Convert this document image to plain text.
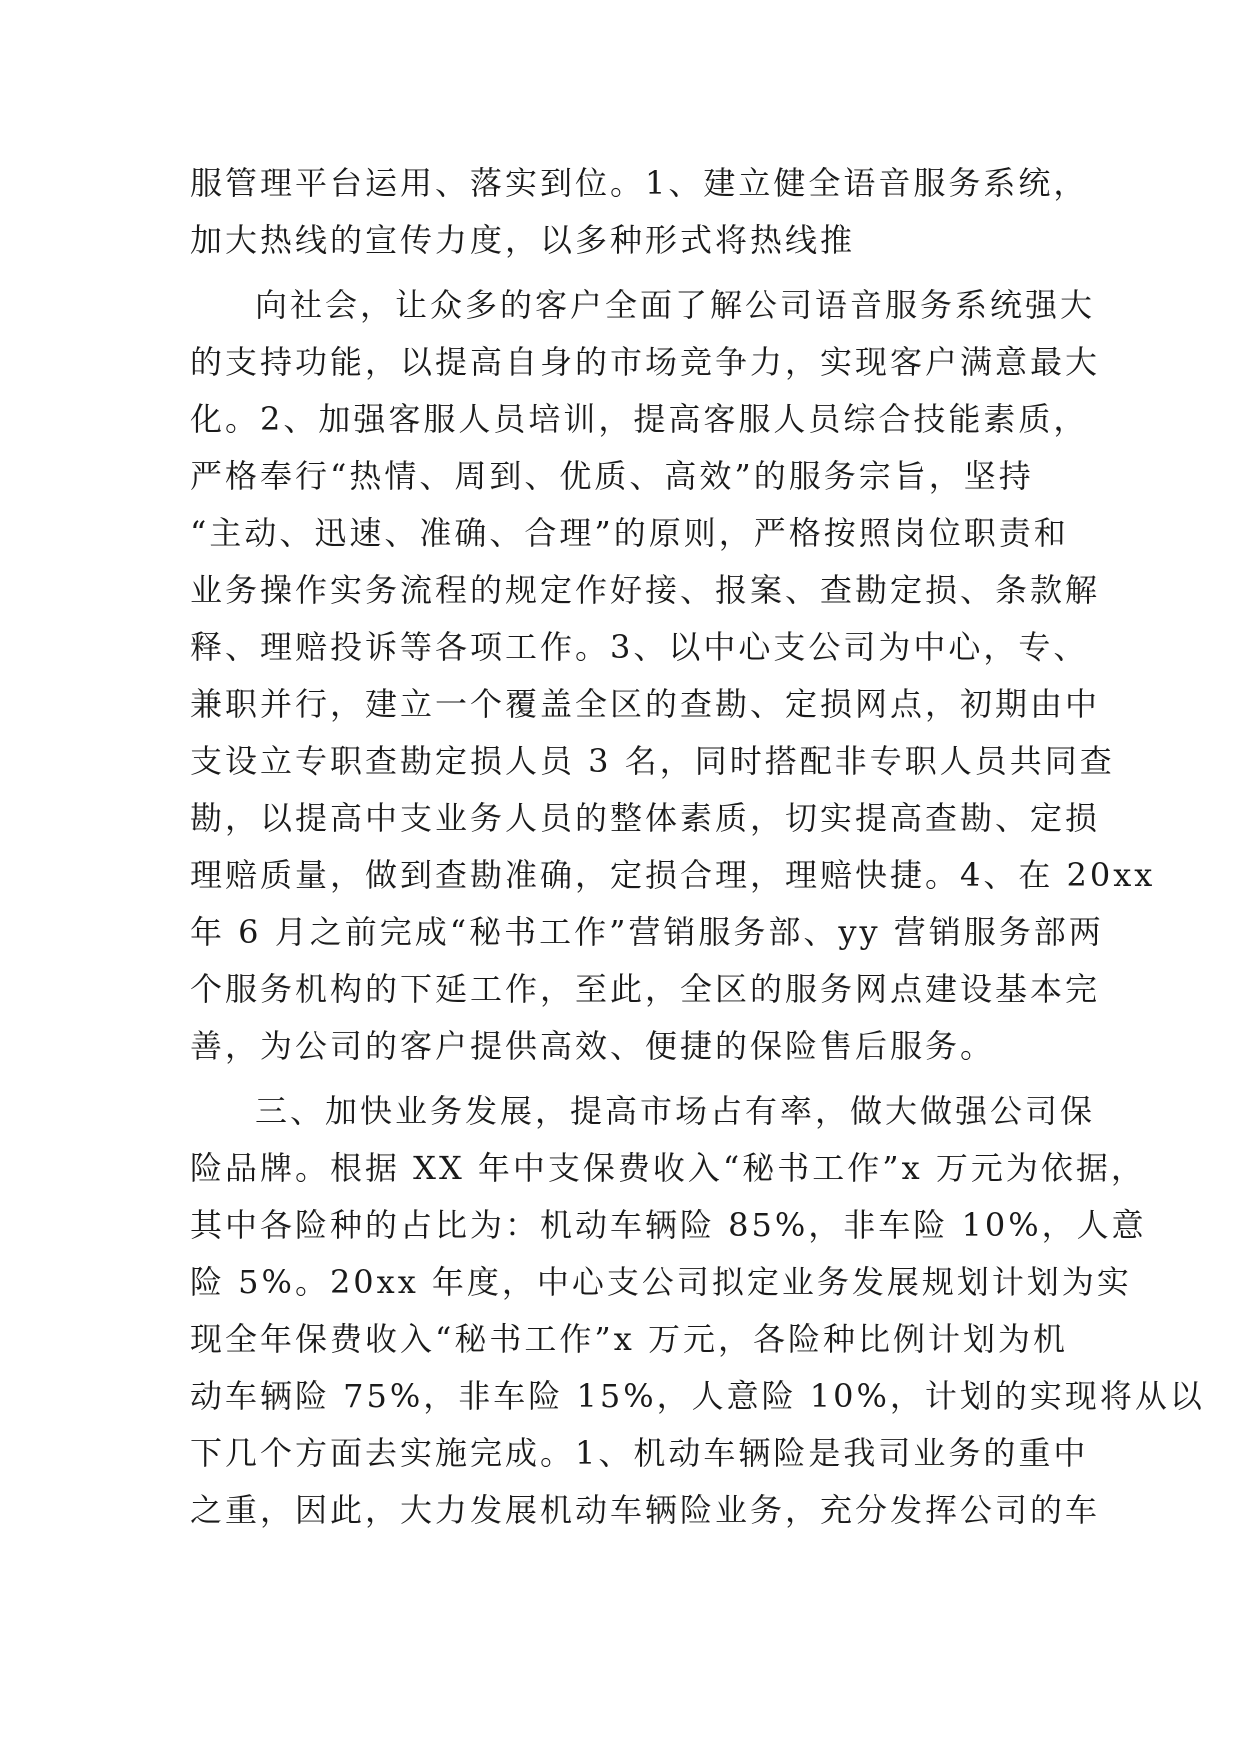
服管理平台运用、落实到位。1、建立健全语音服务系统，
加大热线的宣传力度，以多种形式将热线推
向社会，让众多的客户全面了解公司语音服务系统强大
的支持功能，以提高自身的市场竞争力，实现客户满意最大
化。2、加强客服人员培训，提高客服人员综合技能素质，
严格奉行“热情、周到、优质、高效”的服务宗旨，坚持
“主动、迅速、准确、合理”的原则，严格按照岗位职责和
业务操作实务流程的规定作好接、报案、查勘定损、条款解
释、理赔投诉等各项工作。3、以中心支公司为中心，专、
兼职并行，建立一个覆盖全区的查勘、定损网点，初期由中
支设立专职查勘定损人员 3 名，同时搭配非专职人员共同查
勘，以提高中支业务人员的整体素质，切实提高查勘、定损
理赔质量，做到查勘准确，定损合理，理赔快捷。4、在 20xx
年 6 月之前完成“秘书工作”营销服务部、yy 营销服务部两
个服务机构的下延工作，至此，全区的服务网点建设基本完
善，为公司的客户提供高效、便捷的保险售后服务。
三、加快业务发展，提高市场占有率，做大做强公司保
险品牌。根据 XX 年中支保费收入“秘书工作”x 万元为依据，
其中各险种的占比为：机动车辆险 85%，非车险 10%，人意
险 5%。20xx 年度，中心支公司拟定业务发展规划计划为实
现全年保费收入“秘书工作”x 万元，各险种比例计划为机
动车辆险 75%，非车险 15%，人意险 10%，计划的实现将从以
下几个方面去实施完成。1、机动车辆险是我司业务的重中
之重，因此，大力发展机动车辆险业务，充分发挥公司的车
